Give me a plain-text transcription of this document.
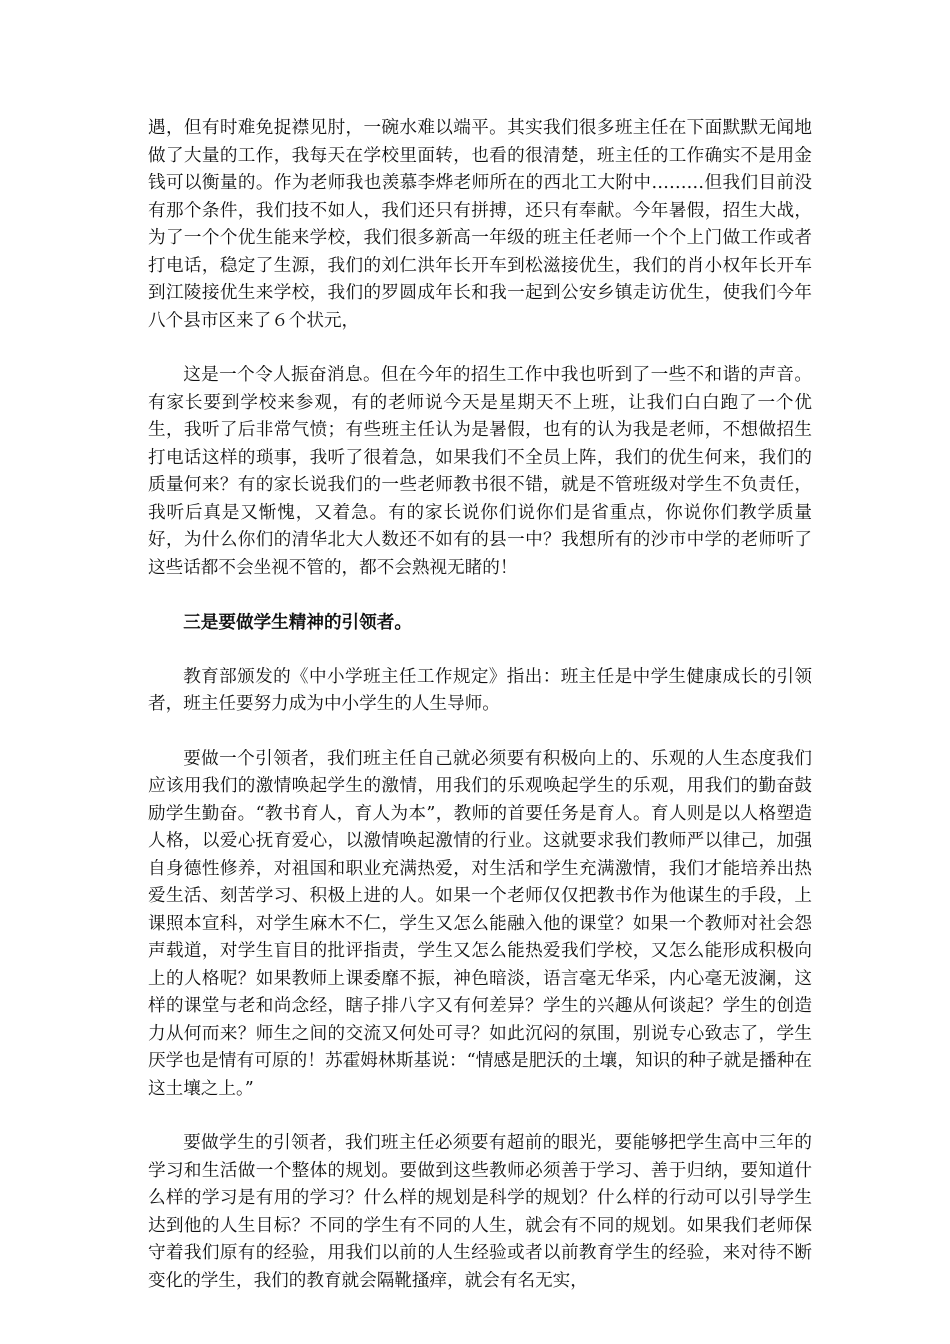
遇，但有时难免捉襟见肘，一碗水难以端平。其实我们很多班主任在下面默默无闻地做了大量的工作，我每天在学校里面转，也看的很清楚，班主任的工作确实不是用金钱可以衡量的。作为老师我也羡慕李烨老师所在的西北工大附中………但我们目前没有那个条件，我们技不如人，我们还只有拼搏，还只有奉献。今年暑假，招生大战，为了一个个优生能来学校，我们很多新高一年级的班主任老师一个个上门做工作或者打电话，稳定了生源，我们的刘仁洪年长开车到松滋接优生，我们的肖小权年长开车到江陵接优生来学校，我们的罗圆成年长和我一起到公安乡镇走访优生，使我们今年八个县市区来了６个状元，

这是一个令人振奋消息。但在今年的招生工作中我也听到了一些不和谐的声音。有家长要到学校来参观，有的老师说今天是星期天不上班，让我们白白跑了一个优生，我听了后非常气愤；有些班主任认为是暑假，也有的认为我是老师，不想做招生打电话这样的琐事，我听了很着急，如果我们不全员上阵，我们的优生何来，我们的质量何来？有的家长说我们的一些老师教书很不错，就是不管班级对学生不负责任，我听后真是又惭愧，又着急。有的家长说你们说你们是省重点，你说你们教学质量好，为什么你们的清华北大人数还不如有的县一中？我想所有的沙市中学的老师听了这些话都不会坐视不管的，都不会熟视无睹的！

三是要做学生精神的引领者。

教育部颁发的《中小学班主任工作规定》指出：班主任是中学生健康成长的引领者，班主任要努力成为中小学生的人生导师。

要做一个引领者，我们班主任自己就必须要有积极向上的、乐观的人生态度我们应该用我们的激情唤起学生的激情，用我们的乐观唤起学生的乐观，用我们的勤奋鼓励学生勤奋。“教书育人，育人为本”，教师的首要任务是育人。育人则是以人格塑造人格，以爱心抚育爱心，以激情唤起激情的行业。这就要求我们教师严以律己，加强自身德性修养，对祖国和职业充满热爱，对生活和学生充满激情，我们才能培养出热爱生活、刻苦学习、积极上进的人。如果一个老师仅仅把教书作为他谋生的手段，上课照本宣科，对学生麻木不仁，学生又怎么能融入他的课堂？如果一个教师对社会怨声载道，对学生盲目的批评指责，学生又怎么能热爱我们学校，又怎么能形成积极向上的人格呢？如果教师上课委靡不振，神色暗淡，语言毫无华采，内心毫无波澜，这样的课堂与老和尚念经，瞎子排八字又有何差异？学生的兴趣从何谈起？学生的创造力从何而来？师生之间的交流又何处可寻？如此沉闷的氛围，别说专心致志了，学生厌学也是情有可原的！苏霍姆林斯基说：“情感是肥沃的土壤，知识的种子就是播种在这土壤之上。”

要做学生的引领者，我们班主任必须要有超前的眼光，要能够把学生高中三年的学习和生活做一个整体的规划。要做到这些教师必须善于学习、善于归纳，要知道什么样的学习是有用的学习？什么样的规划是科学的规划？什么样的行动可以引导学生达到他的人生目标？不同的学生有不同的人生，就会有不同的规划。如果我们老师保守着我们原有的经验，用我们以前的人生经验或者以前教育学生的经验，来对待不断变化的学生，我们的教育就会隔靴搔痒，就会有名无实，
